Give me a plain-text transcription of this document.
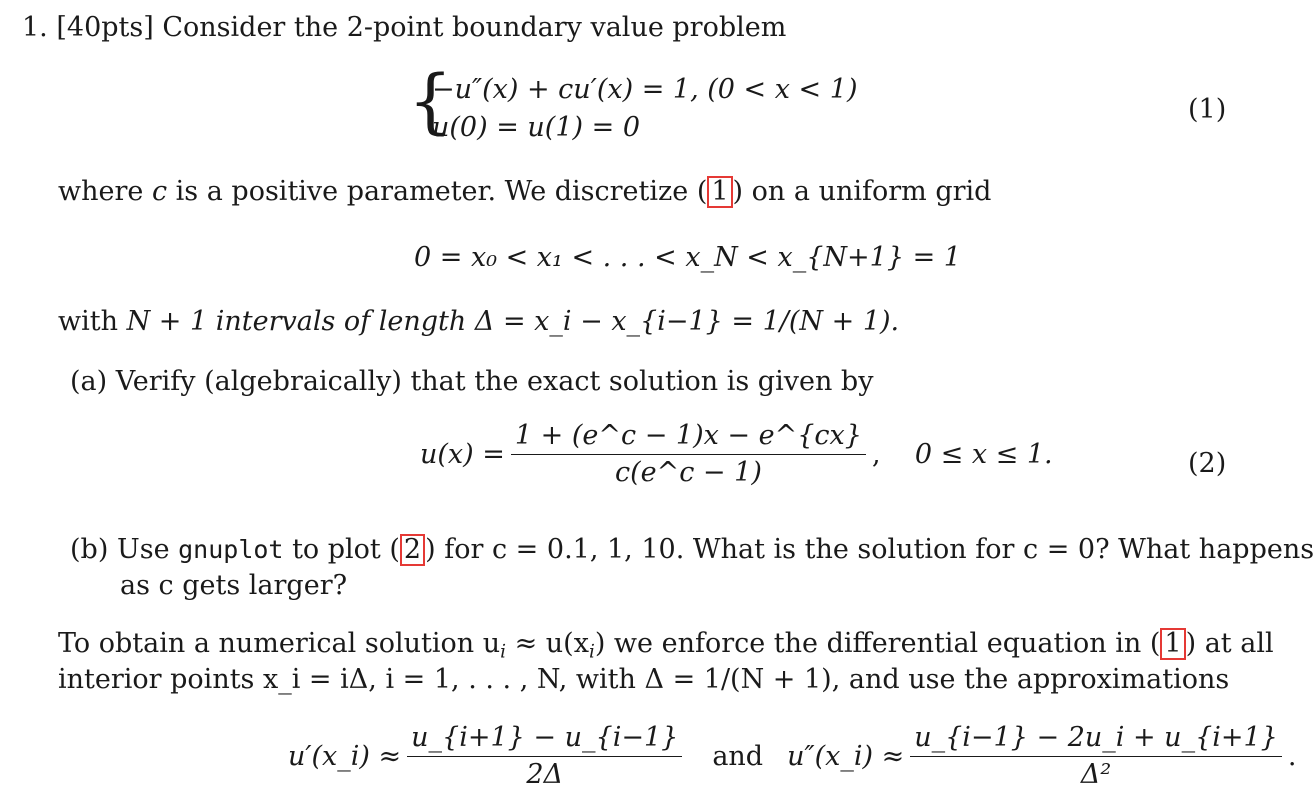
1. [40pts] Consider the 2-point boundary value problem
{
−u″(x) + cu′(x) = 1, (0 < x < 1)
u(0) = u(1) = 0
(1)
where c is a positive parameter. We discretize ( 1 ) on a uniform grid
0 = x₀ < x₁ < . . . < x_N < x_{N+1} = 1
with N + 1 intervals of length Δ = x_i − x_{i−1} = 1/(N + 1).
(a) Verify (algebraically) that the exact solution is given by
$u(x) = \frac{1 + (e\^{}c - 1)x - e\^{}\{cx\}}{c(e\^{}c - 1)}$ , 0 ≤ x ≤ 1.	(2)
(b) Use gnuplot to plot ( 2 ) for c = 0.1, 1, 10. What is the solution for c = 0? What happens
as c gets larger?
To obtain a numerical solution $u_i \approx u(x_i)$ we enforce the differential equation in ( 1 ) at all
interior points x_i = iΔ, i = 1, . . . , N, with Δ = 1/(N + 1), and use the approximations
u′(x_i) ≈ $\frac{u\_\{i+1\} - u\_\{i-1\}}{2\Delta}$ and u″(x_i) ≈ $\frac{u\_\{i-1\} - 2u\_i + u\_\{i+1\}}{\text{Δ²}}$ .
